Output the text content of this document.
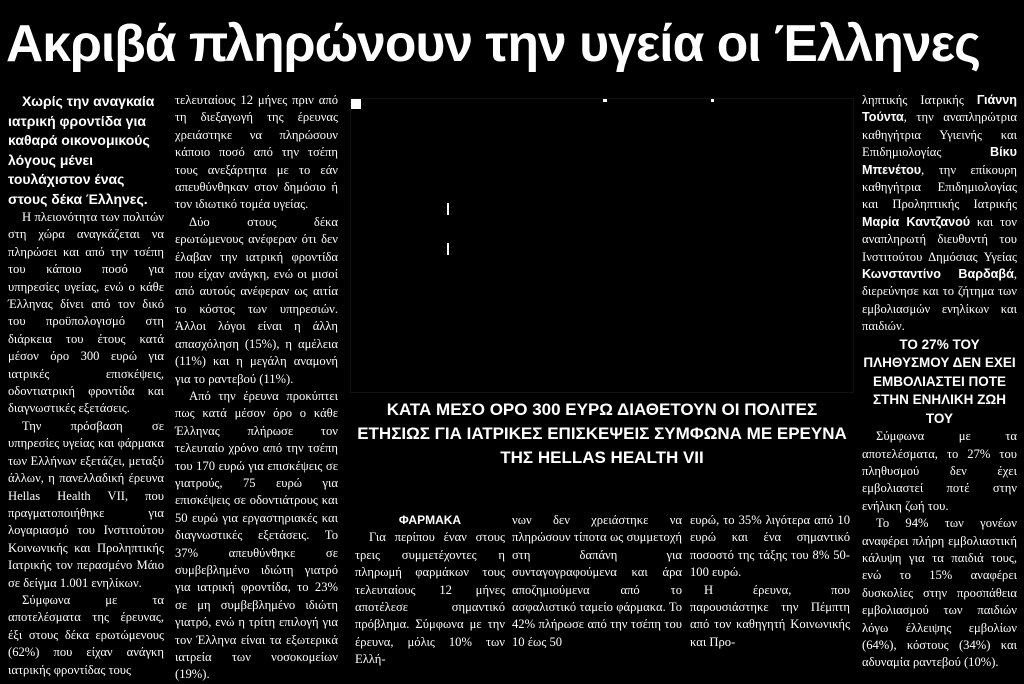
Ακριβά πληρώνουν την υγεία οι Έλληνες

Χωρίς την αναγκαία ιατρική φροντίδα για καθαρά οικονομικούς λόγους μένει τουλάχιστον ένας στους δέκα Έλληνες.

Η πλειονότητα των πολιτών στη χώρα αναγκάζεται να πληρώσει και από την τσέπη του κάποιο ποσό για υπηρεσίες υγείας, ενώ ο κάθε Έλληνας δίνει από τον δικό του προϋπολογισμό στη διάρκεια του έτους κατά μέσον όρο 300 ευρώ για ιατρικές επισκέψεις, οδοντιατρική φροντίδα και διαγνωστικές εξετάσεις.

Την πρόσβαση σε υπηρεσίες υγείας και φάρμακα των Ελλήνων εξετάζει, μεταξύ άλλων, η πανελλαδική έρευνα Hellas Health VII, που πραγματοποιήθηκε για λογαριασμό του Ινστιτούτου Κοινωνικής και Προληπτικής Ιατρικής τον περασμένο Μάιο σε δείγμα 1.001 ενηλίκων.

Σύμφωνα με τα αποτελέσματα της έρευνας, έξι στους δέκα ερωτώμενους (62%) που είχαν ανάγκη ιατρικής φροντίδας τους

τελευταίους 12 μήνες πριν από τη διεξαγωγή της έρευνας χρειάστηκε να πληρώσουν κάποιο ποσό από την τσέπη τους ανεξάρτητα με το εάν απευθύνθηκαν στον δημόσιο ή τον ιδιωτικό τομέα υγείας.

Δύο στους δέκα ερωτώμενους ανέφεραν ότι δεν έλαβαν την ιατρική φροντίδα που είχαν ανάγκη, ενώ οι μισοί από αυτούς ανέφεραν ως αιτία το κόστος των υπηρεσιών. Άλλοι λόγοι είναι η άλλη απασχόληση (15%), η αμέλεια (11%) και η μεγάλη αναμονή για το ραντεβού (11%).

Από την έρευνα προκύπτει πως κατά μέσον όρο ο κάθε Έλληνας πλήρωσε τον τελευταίο χρόνο από την τσέπη του 170 ευρώ για επισκέψεις σε γιατρούς, 75 ευρώ για επισκέψεις σε οδοντιάτρους και 50 ευρώ για εργαστηριακές και διαγνωστικές εξετάσεις. Το 37% απευθύνθηκε σε συμβεβλημένο ιδιώτη γιατρό για ιατρική φροντίδα, το 23% σε μη συμβεβλημένο ιδιώτη γιατρό, ενώ η τρίτη επιλογή για τον Έλληνα είναι τα εξωτερικά ιατρεία των νοσοκομείων (19%).

ΚΑΤΑ ΜΕΣΟ ΟΡΟ 300 ΕΥΡΩ ΔΙΑΘΕΤΟΥΝ ΟΙ ΠΟΛΙΤΕΣ ΕΤΗΣΙΩΣ ΓΙΑ ΙΑΤΡΙΚΕΣ ΕΠΙΣΚΕΨΕΙΣ ΣΥΜΦΩΝΑ ΜΕ ΕΡΕΥΝΑ ΤΗΣ HELLAS HEALTH VII

ληπτικής Ιατρικής Γιάννη Τούντα, την αναπληρώτρια καθηγήτρια Υγιεινής και Επιδημιολογίας Βίκυ Μπενέτου, την επίκουρη καθηγήτρια Επιδημιολογίας και Προληπτικής Ιατρικής Μαρία Καντζανού και τον αναπληρωτή διευθυντή του Ινστιτούτου Δημόσιας Υγείας Κωνσταντίνο Βαρδαβά, διερεύνησε και το ζήτημα των εμβολιασμών ενηλίκων και παιδιών.

ΤΟ 27% ΤΟΥ ΠΛΗΘΥΣΜΟΥ ΔΕΝ ΕΧΕΙ ΕΜΒΟΛΙΑΣΤΕΙ ΠΟΤΕ ΣΤΗΝ ΕΝΗΛΙΚΗ ΖΩΗ ΤΟΥ

Σύμφωνα με τα αποτελέσματα, το 27% του πληθυσμού δεν έχει εμβολιαστεί ποτέ στην ενήλικη ζωή του.

Το 94% των γονέων αναφέρει πλήρη εμβολιαστική κάλυψη για τα παιδιά τους, ενώ το 15% αναφέρει δυσκολίες στην προσπάθεια εμβολιασμού των παιδιών λόγω έλλειψης εμβολίων (64%), κόστους (34%) και αδυναμία ραντεβού (10%).

ΦΑΡΜΑΚΑ

Για περίπου έναν στους τρεις συμμετέχοντες η πληρωμή φαρμάκων τους τελευταίους 12 μήνες αποτέλεσε σημαντικό πρόβλημα. Σύμφωνα με την έρευνα, μόλις 10% των Ελλή-

νων δεν χρειάστηκε να πληρώσουν τίποτα ως συμμετοχή στη δαπάνη για συνταγογραφούμενα και άρα αποζημιούμενα από το ασφαλιστικό ταμείο φάρμακα. Το 42% πλήρωσε από την τσέπη του 10 έως 50

ευρώ, το 35% λιγότερα από 10 ευρώ και ένα σημαντικό ποσοστό της τάξης του 8% 50-100 ευρώ.

Η έρευνα, που παρουσιάστηκε την Πέμπτη από τον καθηγητή Κοινωνικής και Προ-
